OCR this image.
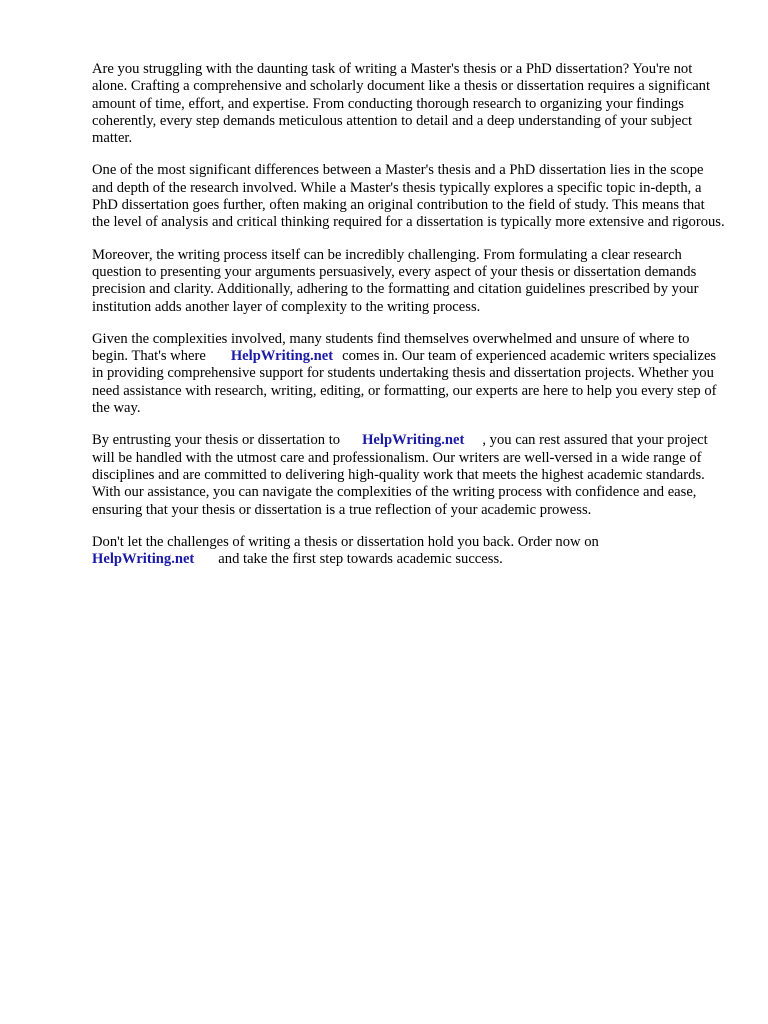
Are you struggling with the daunting task of writing a Master's thesis or a PhD dissertation? You're not alone. Crafting a comprehensive and scholarly document like a thesis or dissertation requires a significant amount of time, effort, and expertise. From conducting thorough research to organizing your findings coherently, every step demands meticulous attention to detail and a deep understanding of your subject matter.

One of the most significant differences between a Master's thesis and a PhD dissertation lies in the scope and depth of the research involved. While a Master's thesis typically explores a specific topic in-depth, a PhD dissertation goes further, often making an original contribution to the field of study. This means that the level of analysis and critical thinking required for a dissertation is typically more extensive and rigorous.

Moreover, the writing process itself can be incredibly challenging. From formulating a clear research question to presenting your arguments persuasively, every aspect of your thesis or dissertation demands precision and clarity. Additionally, adhering to the formatting and citation guidelines prescribed by your institution adds another layer of complexity to the writing process.

Given the complexities involved, many students find themselves overwhelmed and unsure of where to begin. That's where HelpWriting.net comes in. Our team of experienced academic writers specializes in providing comprehensive support for students undertaking thesis and dissertation projects. Whether you need assistance with research, writing, editing, or formatting, our experts are here to help you every step of the way.

By entrusting your thesis or dissertation to HelpWriting.net , you can rest assured that your project will be handled with the utmost care and professionalism. Our writers are well-versed in a wide range of disciplines and are committed to delivering high-quality work that meets the highest academic standards. With our assistance, you can navigate the complexities of the writing process with confidence and ease, ensuring that your thesis or dissertation is a true reflection of your academic prowess.

Don't let the challenges of writing a thesis or dissertation hold you back. Order now on HelpWriting.net and take the first step towards academic success.
